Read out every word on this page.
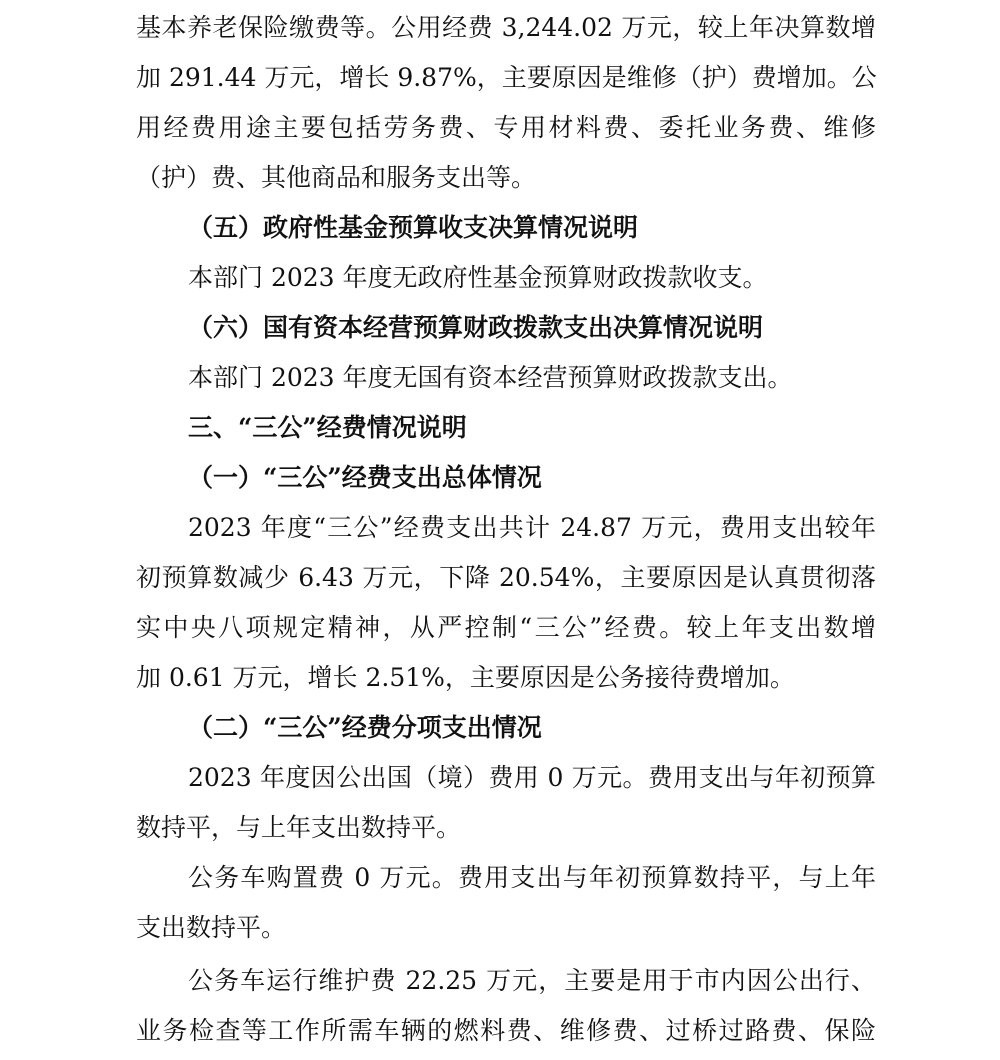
基本养老保险缴费等。公用经费 3,244.02 万元，较上年决算数增
加 291.44 万元，增长 9.87%，主要原因是维修（护）费增加。公
用经费用途主要包括劳务费、专用材料费、委托业务费、维修
（护）费、其他商品和服务支出等。
（五）政府性基金预算收支决算情况说明
本部门 2023 年度无政府性基金预算财政拨款收支。
（六）国有资本经营预算财政拨款支出决算情况说明
本部门 2023 年度无国有资本经营预算财政拨款支出。
三、“三公”经费情况说明
（一）“三公”经费支出总体情况
2023 年度“三公”经费支出共计 24.87 万元，费用支出较年
初预算数减少 6.43 万元，下降 20.54%，主要原因是认真贯彻落
实中央八项规定精神，从严控制“三公”经费。较上年支出数增
加 0.61 万元，增长 2.51%，主要原因是公务接待费增加。
（二）“三公”经费分项支出情况
2023 年度因公出国（境）费用 0 万元。费用支出与年初预算
数持平，与上年支出数持平。
公务车购置费 0 万元。费用支出与年初预算数持平，与上年
支出数持平。
公务车运行维护费 22.25 万元，主要是用于市内因公出行、
业务检查等工作所需车辆的燃料费、维修费、过桥过路费、保险
